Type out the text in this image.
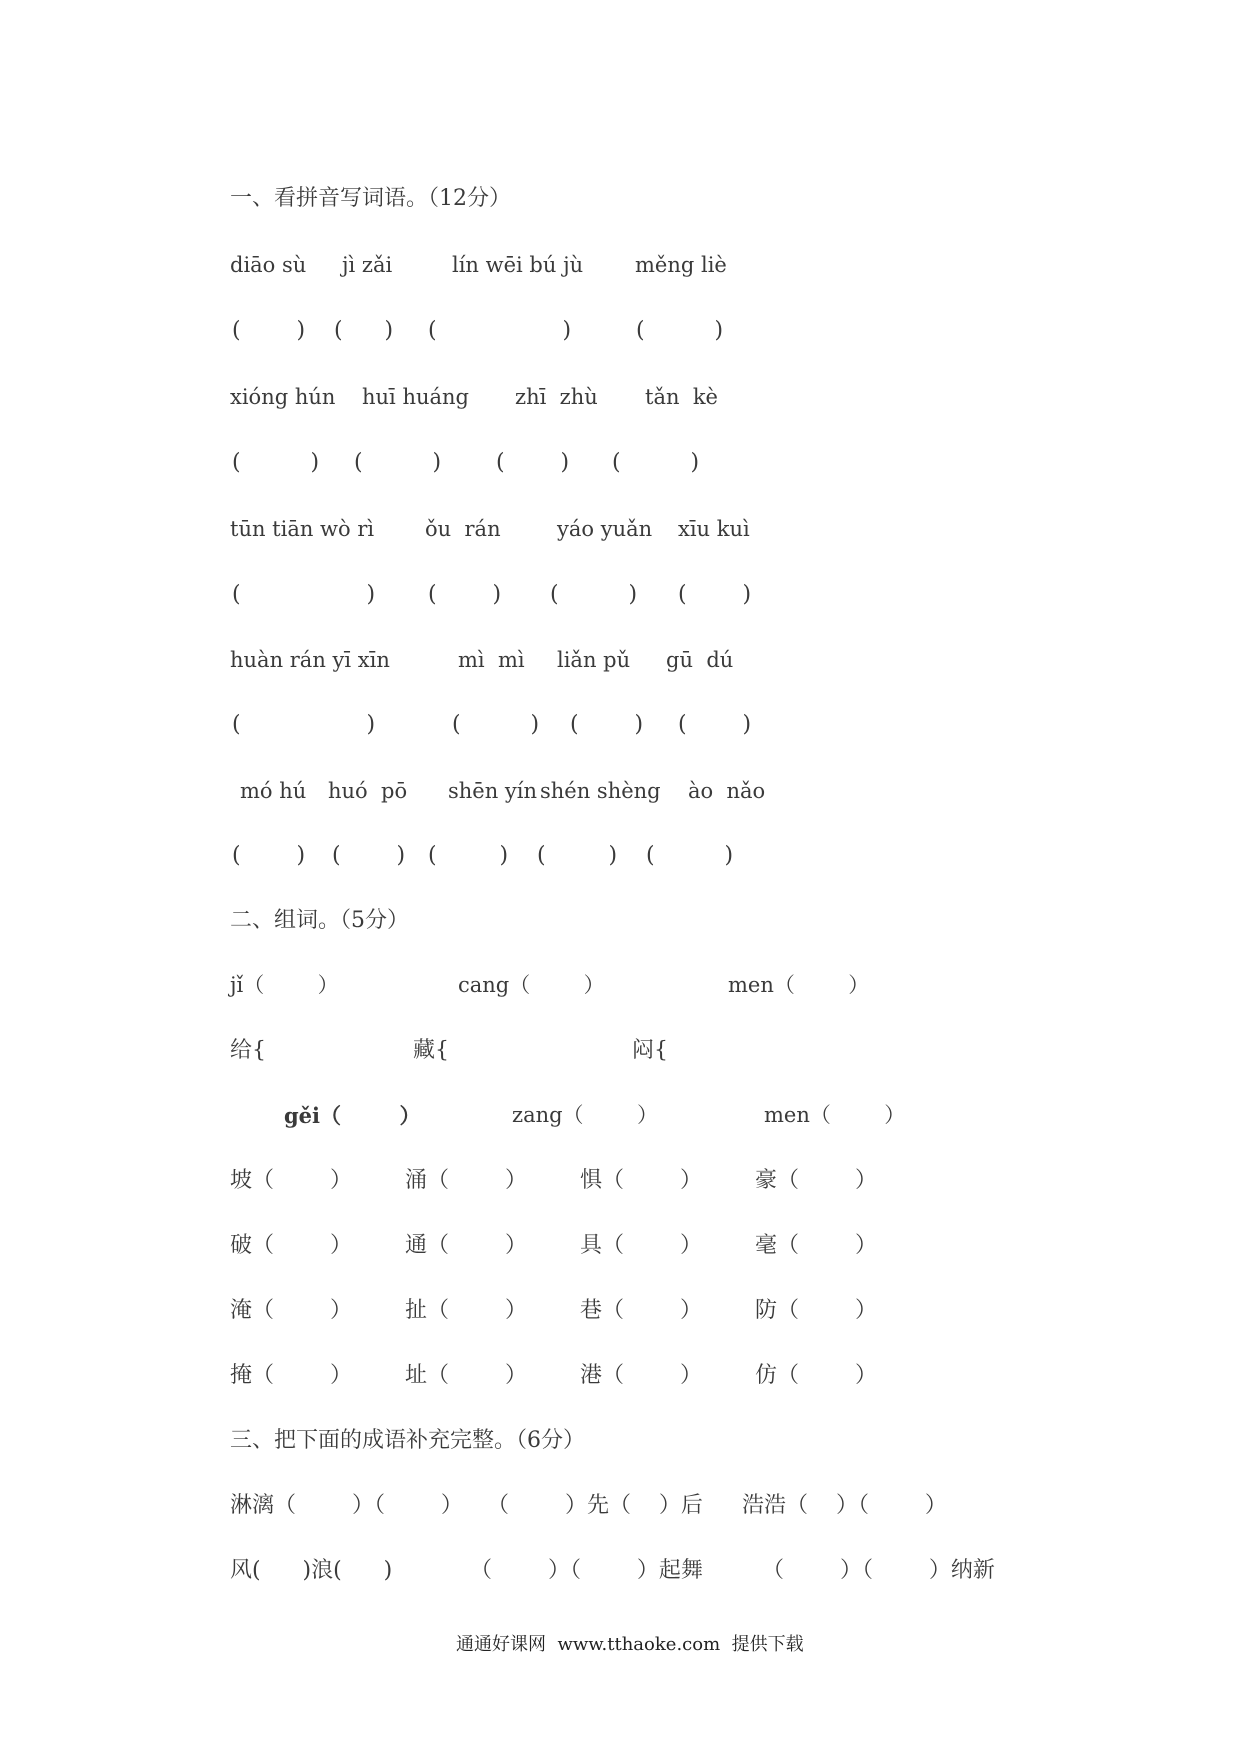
一、看拼音写词语。（12分）
diāo sù jì zǎi	lín wēi bú jù měng liè
(        ) (      ) (                  )	(          )
xióng hún huī huáng zhī  zhù tǎn  kè
(          ) (          ) (        ) (          )
tūn tiān wò rì ǒu  rán	yáo yuǎn xīu kuì
(                  ) (        ) (          ) (        )
huàn rán yī xīn	mì  mì liǎn pǔ gū  dú
(                  )	(          ) (        ) (        )
mó hú huó  pō shēn yín shén shèng ào  nǎo
(        ) (        ) (         ) (         ) (          )
二、组词。（5分）
jǐ（        ）	cang（        ）	men（        ）
给{	藏{	闷{
gěi（        ）	zang（        ）	men（        ）
坡（        ） 涌（        ） 惧（        ） 豪（        ）
破（        ） 通（        ） 具（        ） 毫（        ）
淹（        ） 扯（        ） 巷（        ） 防（        ）
掩（        ） 址（        ） 港（        ） 仿（        ）
三、把下面的成语补充完整。（6分）
淋漓（        ）（        ） （        ）先（    ）后 浩浩（    ）（        ）
风(      )浪(      )	（        ）（        ）起舞	（        ）（        ）纳新
通通好课网  www.tthaoke.com  提供下载
